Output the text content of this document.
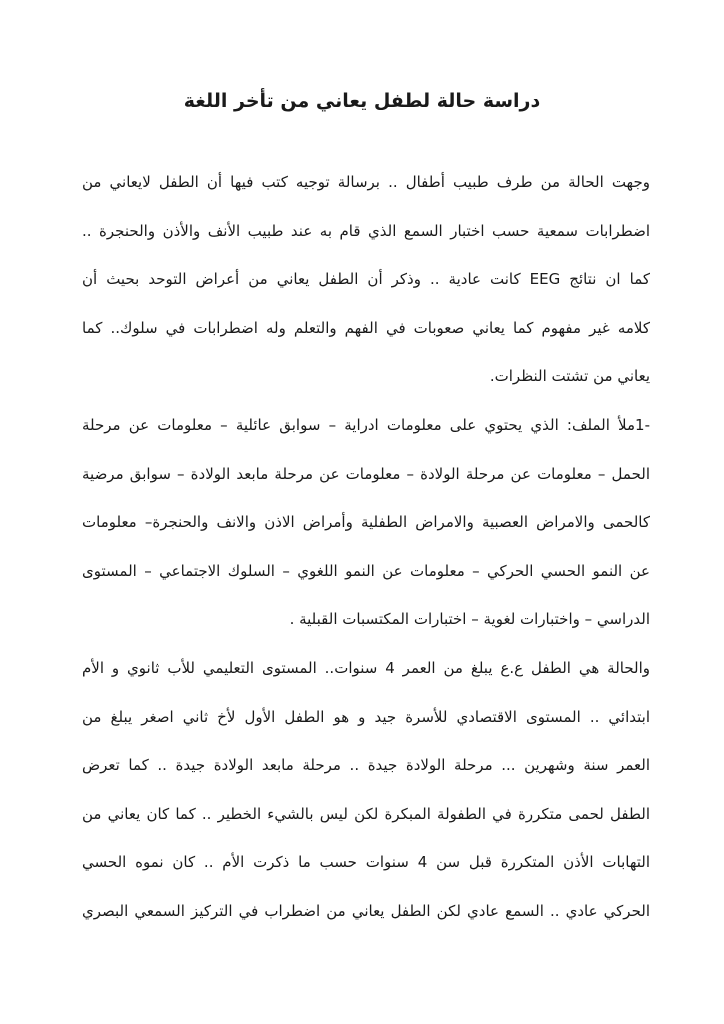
دراسة حالة لطفل يعاني من تأخر اللغة
وجهت الحالة من طرف طبيب أطفال .. برسالة توجيه كتب فيها أن الطفل لايعاني من
اضطرابات سمعية حسب اختبار السمع الذي قام به عند طبيب الأنف والأذن والحنجرة ..
كما ان نتائج EEG كانت عادية .. وذكر أن الطفل يعاني من أعراض التوحد بحيث أن
كلامه غير مفهوم كما يعاني صعوبات في الفهم والتعلم وله اضطرابات في سلوك.. كما
يعاني من تشتت النظرات.
-1ملأ الملف: الذي يحتوي على معلومات ادراية – سوابق عائلية – معلومات عن مرحلة
الحمل – معلومات عن مرحلة الولادة – معلومات عن مرحلة مابعد الولادة – سوابق مرضية
كالحمى والامراض العصبية والامراض الطفلية وأمراض الاذن والانف والحنجرة– معلومات
عن النمو الحسي الحركي – معلومات عن النمو اللغوي – السلوك الاجتماعي – المستوى
الدراسي – واختبارات لغوية – اختبارات المكتسبات القبلية .
والحالة هي الطفل ع.ع يبلغ من العمر 4 سنوات.. المستوى التعليمي للأب ثانوي و الأم
ابتدائي .. المستوى الاقتصادي للأسرة جيد و هو الطفل الأول لأخ ثاني اصغر يبلغ من
العمر سنة وشهرين ... مرحلة الولادة جيدة .. مرحلة مابعد الولادة جيدة .. كما تعرض
الطفل لحمى متكررة في الطفولة المبكرة لكن ليس بالشيء الخطير .. كما كان يعاني من
التهابات الأذن المتكررة قبل سن 4 سنوات حسب ما ذكرت الأم .. كان نموه الحسي
الحركي عادي .. السمع عادي لكن الطفل يعاني من اضطراب في التركيز السمعي البصري
